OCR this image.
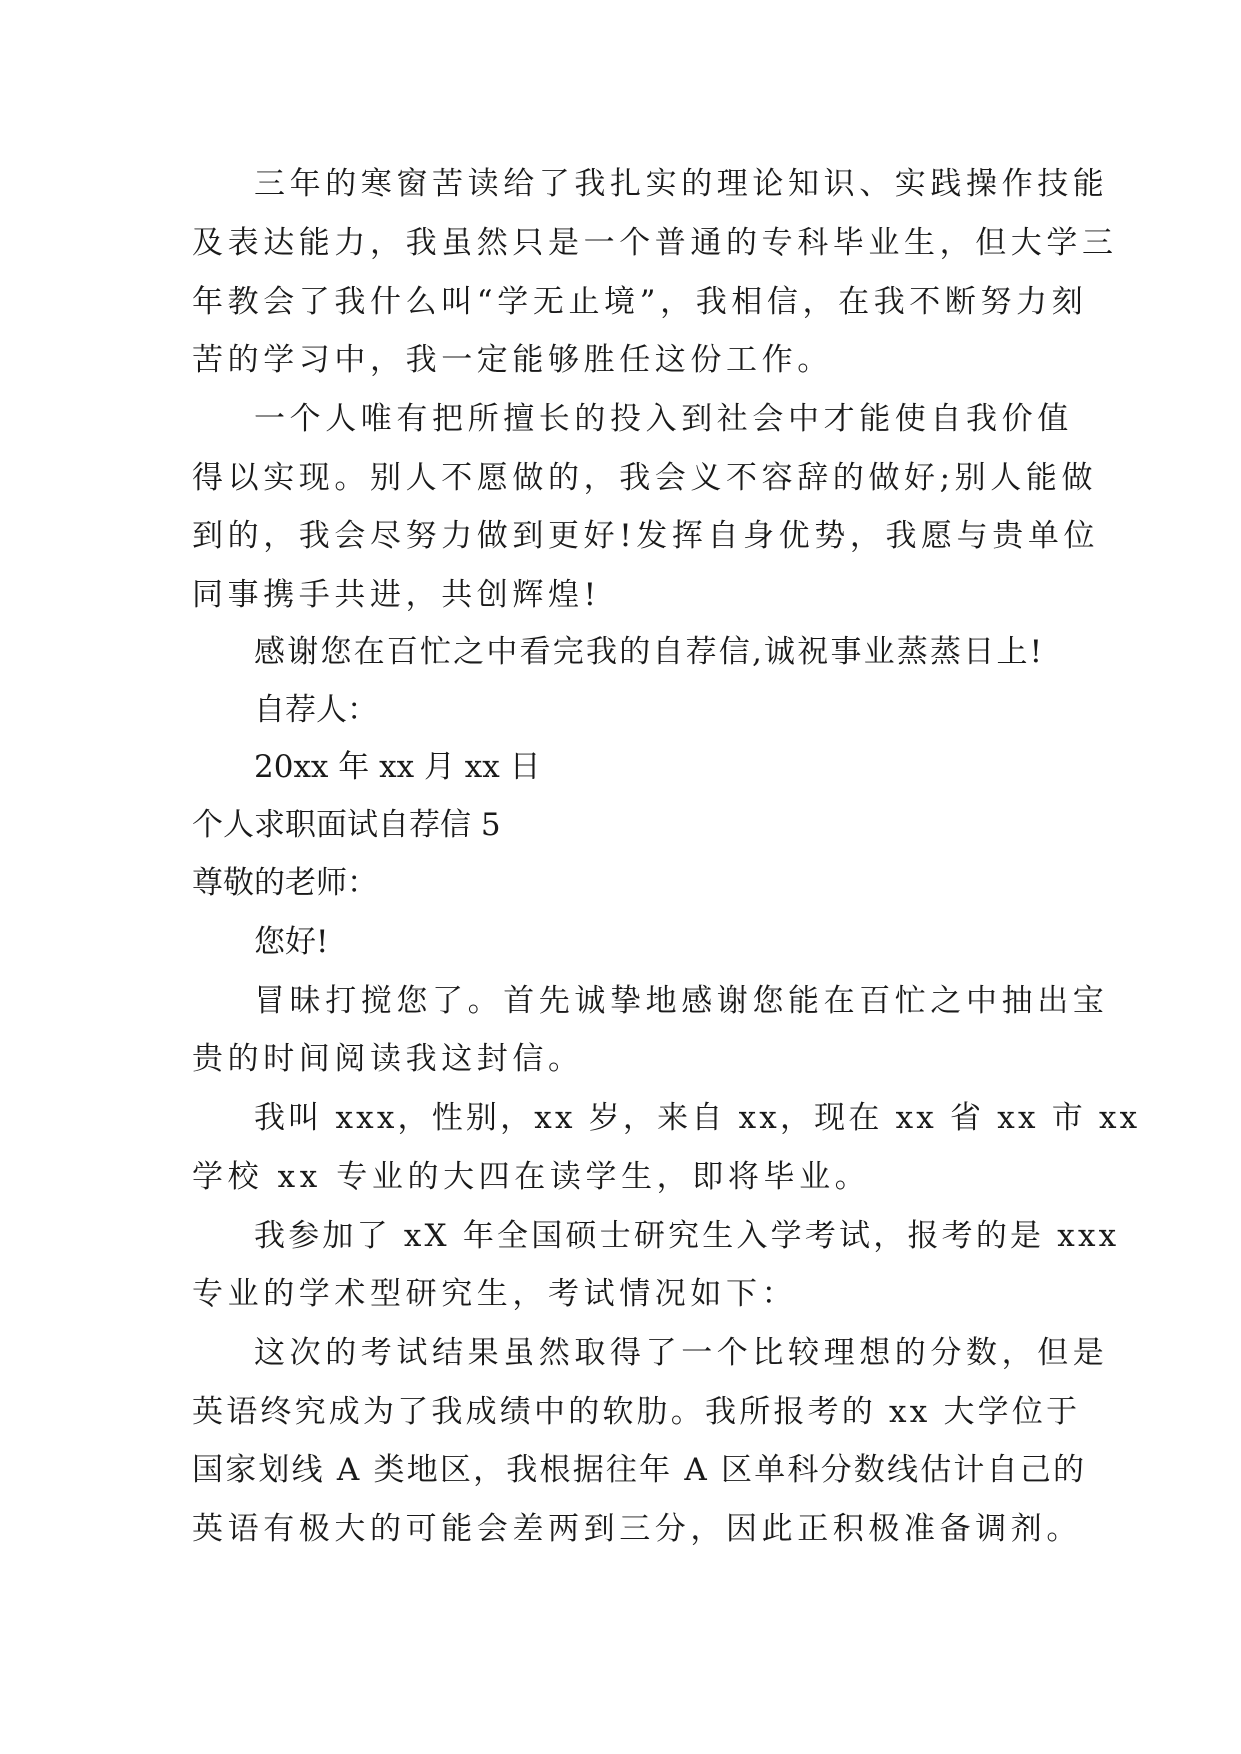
三年的寒窗苦读给了我扎实的理论知识、实践操作技能

及表达能力，我虽然只是一个普通的专科毕业生，但大学三

年教会了我什么叫“学无止境”，我相信，在我不断努力刻

苦的学习中，我一定能够胜任这份工作。

一个人唯有把所擅长的投入到社会中才能使自我价值

得以实现。别人不愿做的，我会义不容辞的做好;别人能做

到的，我会尽努力做到更好!发挥自身优势，我愿与贵单位

同事携手共进，共创辉煌!

感谢您在百忙之中看完我的自荐信,诚祝事业蒸蒸日上!

自荐人：

20xx 年 xx 月 xx 日

个人求职面试自荐信 5

尊敬的老师：

您好!

冒昧打搅您了。首先诚挚地感谢您能在百忙之中抽出宝

贵的时间阅读我这封信。

我叫 xxx，性别，xx 岁，来自 xx，现在 xx 省 xx 市 xx

学校 xx 专业的大四在读学生，即将毕业。

我参加了 xX 年全国硕士研究生入学考试，报考的是 xxx

专业的学术型研究生，考试情况如下：

这次的考试结果虽然取得了一个比较理想的分数，但是

英语终究成为了我成绩中的软肋。我所报考的 xx 大学位于

国家划线 A 类地区，我根据往年 A 区单科分数线估计自己的

英语有极大的可能会差两到三分，因此正积极准备调剂。
